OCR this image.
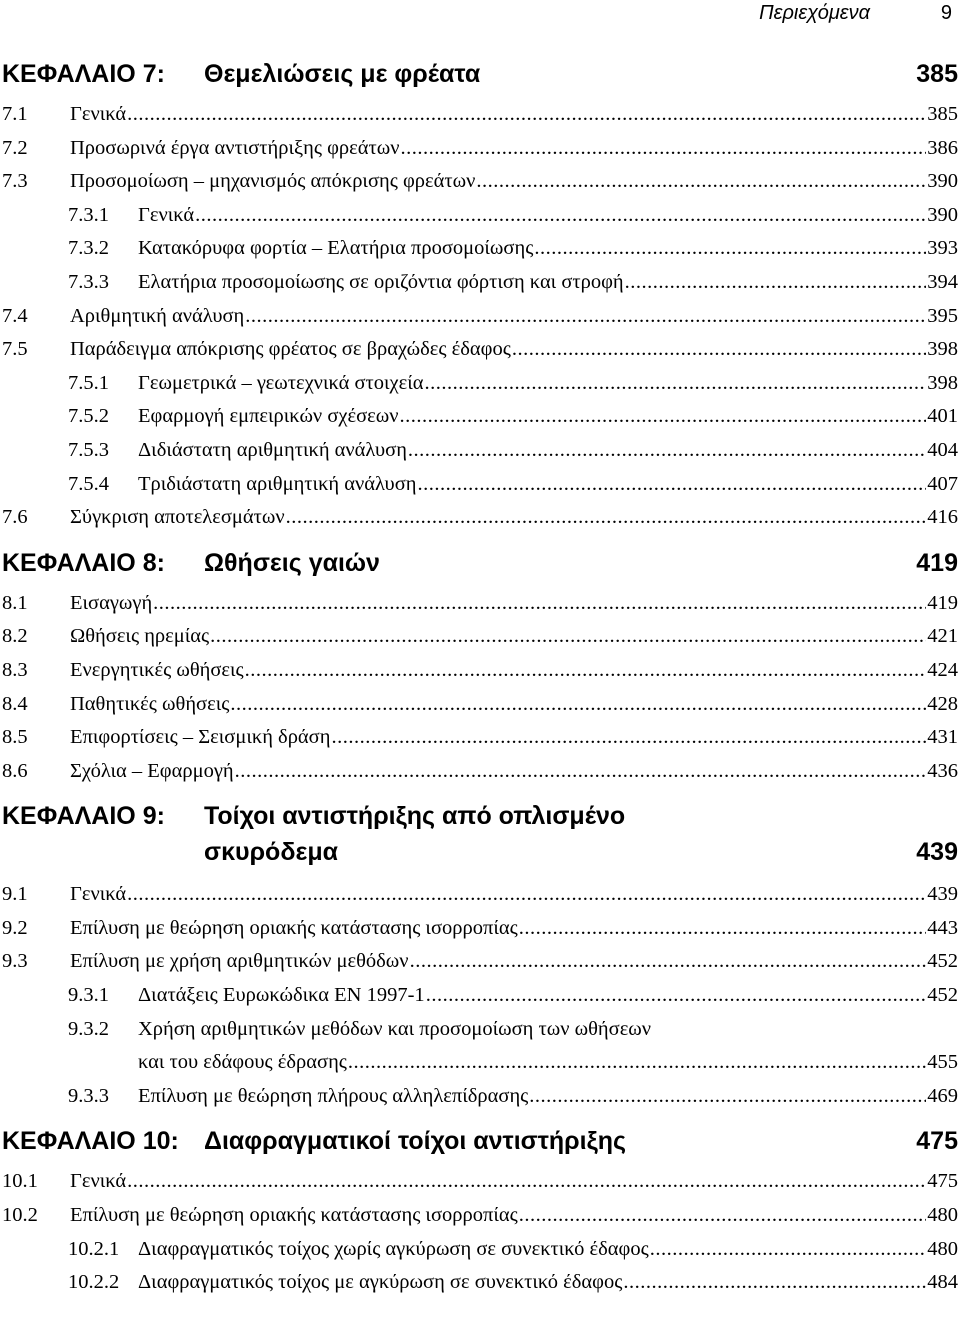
Περιεχόμενα	9
ΚΕΦΑΛΑΙΟ 7: Θεμελιώσεις με φρέατα	385
7.1 Γενικά .....	385
7.2 Προσωρινά έργα αντιστήριξης φρεάτων .....	386
7.3 Προσομοίωση – μηχανισμός απόκρισης φρεάτων .....	390
7.3.1 Γενικά .....	390
7.3.2 Κατακόρυφα φορτία – Ελατήρια προσομοίωσης .....	393
7.3.3 Ελατήρια προσομοίωσης σε οριζόντια φόρτιση και στροφή .....	394
7.4 Αριθμητική ανάλυση .....	395
7.5 Παράδειγμα απόκρισης φρέατος σε βραχώδες έδαφος .....	398
7.5.1 Γεωμετρικά – γεωτεχνικά στοιχεία .....	398
7.5.2 Εφαρμογή εμπειρικών σχέσεων .....	401
7.5.3 Διδιάστατη αριθμητική ανάλυση .....	404
7.5.4 Τριδιάστατη αριθμητική ανάλυση .....	407
7.6 Σύγκριση αποτελεσμάτων .....	416
ΚΕΦΑΛΑΙΟ 8: Ωθήσεις γαιών	419
8.1 Εισαγωγή .....	419
8.2 Ωθήσεις ηρεμίας .....	421
8.3 Ενεργητικές ωθήσεις .....	424
8.4 Παθητικές ωθήσεις .....	428
8.5 Επιφορτίσεις – Σεισμική δράση .....	431
8.6 Σχόλια – Εφαρμογή .....	436
ΚΕΦΑΛΑΙΟ 9: Τοίχοι αντιστήριξης από οπλισμένο
σκυρόδεμα	439
9.1 Γενικά .....	439
9.2 Επίλυση με θεώρηση οριακής κατάστασης ισορροπίας .....	443
9.3 Επίλυση με χρήση αριθμητικών μεθόδων .....	452
9.3.1 Διατάξεις Ευρωκώδικα ΕΝ 1997-1 .....	452
9.3.2 Χρήση αριθμητικών μεθόδων και προσομοίωση των ωθήσεων
και του εδάφους έδρασης .....	455
9.3.3 Επίλυση με θεώρηση πλήρους αλληλεπίδρασης .....	469
ΚΕΦΑΛΑΙΟ 10: Διαφραγματικοί τοίχοι αντιστήριξης	475
10.1 Γενικά .....	475
10.2 Επίλυση με θεώρηση οριακής κατάστασης ισορροπίας .....	480
10.2.1 Διαφραγματικός τοίχος χωρίς αγκύρωση σε συνεκτικό έδαφος .....	480
10.2.2 Διαφραγματικός τοίχος με αγκύρωση σε συνεκτικό έδαφος .....	484
